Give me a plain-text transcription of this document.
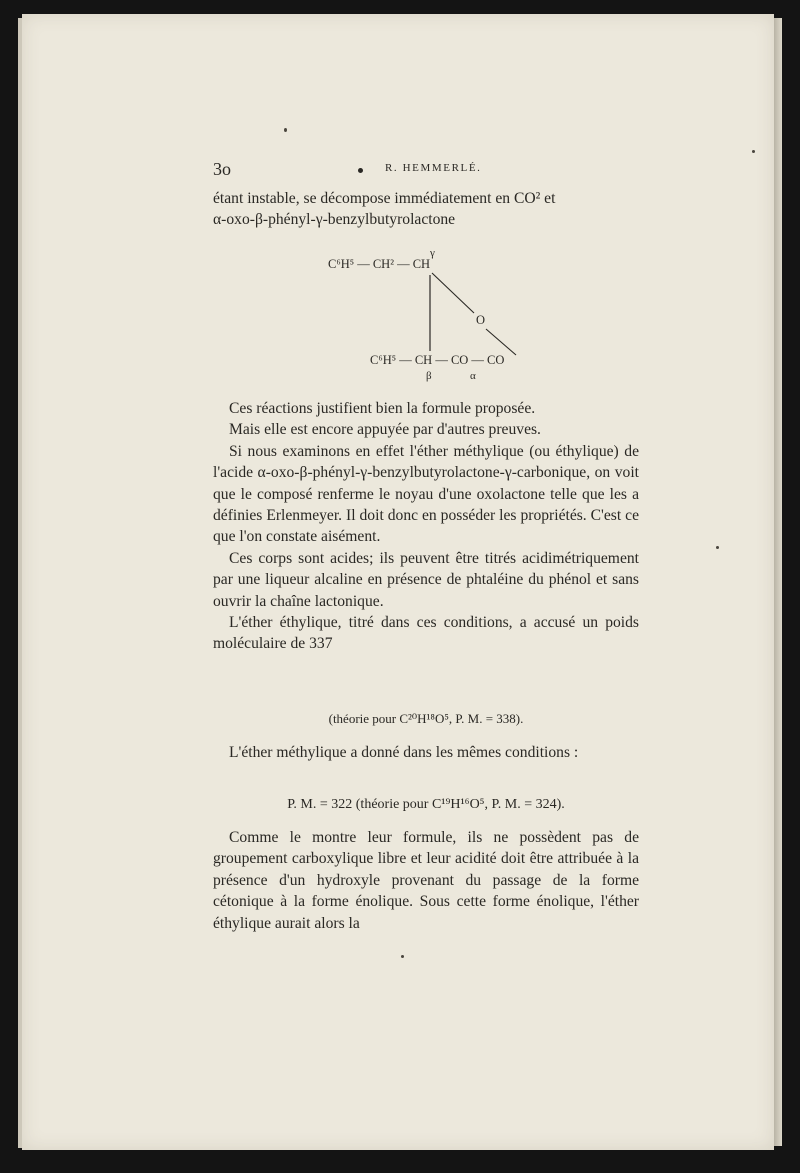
3o	R. HEMMERLÉ.

étant instable, se décompose immédiatement en CO² et

α-oxo-β-phényl-γ-benzylbutyrolactone

γ
C⁶H⁵ — CH² — CH
O
C⁶H⁵ — CH — CO — CO
β	α

Ces réactions justifient bien la formule proposée.

Mais elle est encore appuyée par d'autres preuves.

Si nous examinons en effet l'éther méthylique (ou éthylique) de l'acide α-oxo-β-phényl-γ-benzylbutyrolactone-γ-carbonique, on voit que le composé renferme le noyau d'une oxolactone telle que les a définies Erlenmeyer. Il doit donc en posséder les propriétés. C'est ce que l'on constate aisément.

Ces corps sont acides; ils peuvent être titrés acidimétriquement par une liqueur alcaline en présence de phtaléine du phénol et sans ouvrir la chaîne lactonique.

L'éther éthylique, titré dans ces conditions, a accusé un poids moléculaire de 337

(théorie pour C²⁰H¹⁸O⁵, P. M. = 338).

L'éther méthylique a donné dans les mêmes conditions :

P. M. = 322 (théorie pour C¹⁹H¹⁶O⁵, P. M. = 324).

Comme le montre leur formule, ils ne possèdent pas de groupement carboxylique libre et leur acidité doit être attribuée à la présence d'un hydroxyle provenant du passage de la forme cétonique à la forme énolique. Sous cette forme énolique, l'éther éthylique aurait alors la
